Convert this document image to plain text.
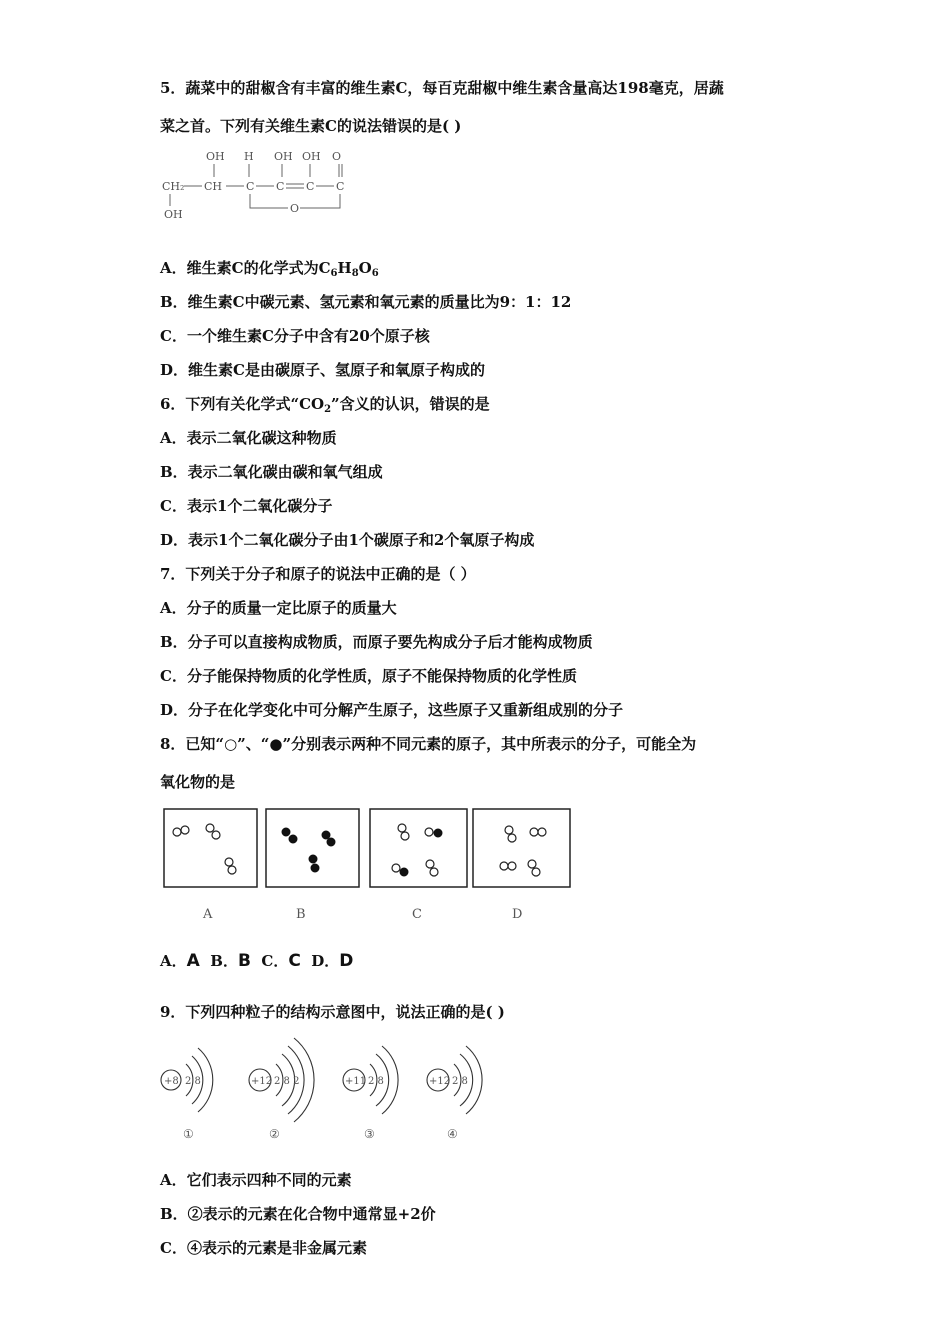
5．蔬菜中的甜椒含有丰富的维生素C，每百克甜椒中维生素含量高达198毫克，居蔬
菜之首。下列有关维生素C的说法错误的是( )
OH H OH OH O
CH₂ CH C C C C
O
OH
A．维生素C的化学式为$C_6H_8O_6$
B．维生素C中碳元素、氢元素和氧元素的质量比为9：1：12
C．一个维生素C分子中含有20个原子核
D．维生素C是由碳原子、氢原子和氧原子构成的
6．下列有关化学式“$CO_2$”含义的认识，错误的是
A．表示二氧化碳这种物质
B．表示二氧化碳由碳和氧气组成
C．表示1个二氧化碳分子
D．表示1个二氧化碳分子由1个碳原子和2个氧原子构成
7．下列关于分子和原子的说法中正确的是（ ）
A．分子的质量一定比原子的质量大
B．分子可以直接构成物质，而原子要先构成分子后才能构成物质
C．分子能保持物质的化学性质，原子不能保持物质的化学性质
D．分子在化学变化中可分解产生原子，这些原子又重新组成别的分子
8．已知“○”、“●”分别表示两种不同元素的原子，其中所表示的分子，可能全为
氧化物的是
A	B	C	D
A．A B．B C．C D．D
9．下列四种粒子的结构示意图中，说法正确的是( )
+8 2 8	+12 2 8 2	+11 2 8	+12 2 8
①	②	③	④
A．它们表示四种不同的元素
B．②表示的元素在化合物中通常显+2价
C．④表示的元素是非金属元素
